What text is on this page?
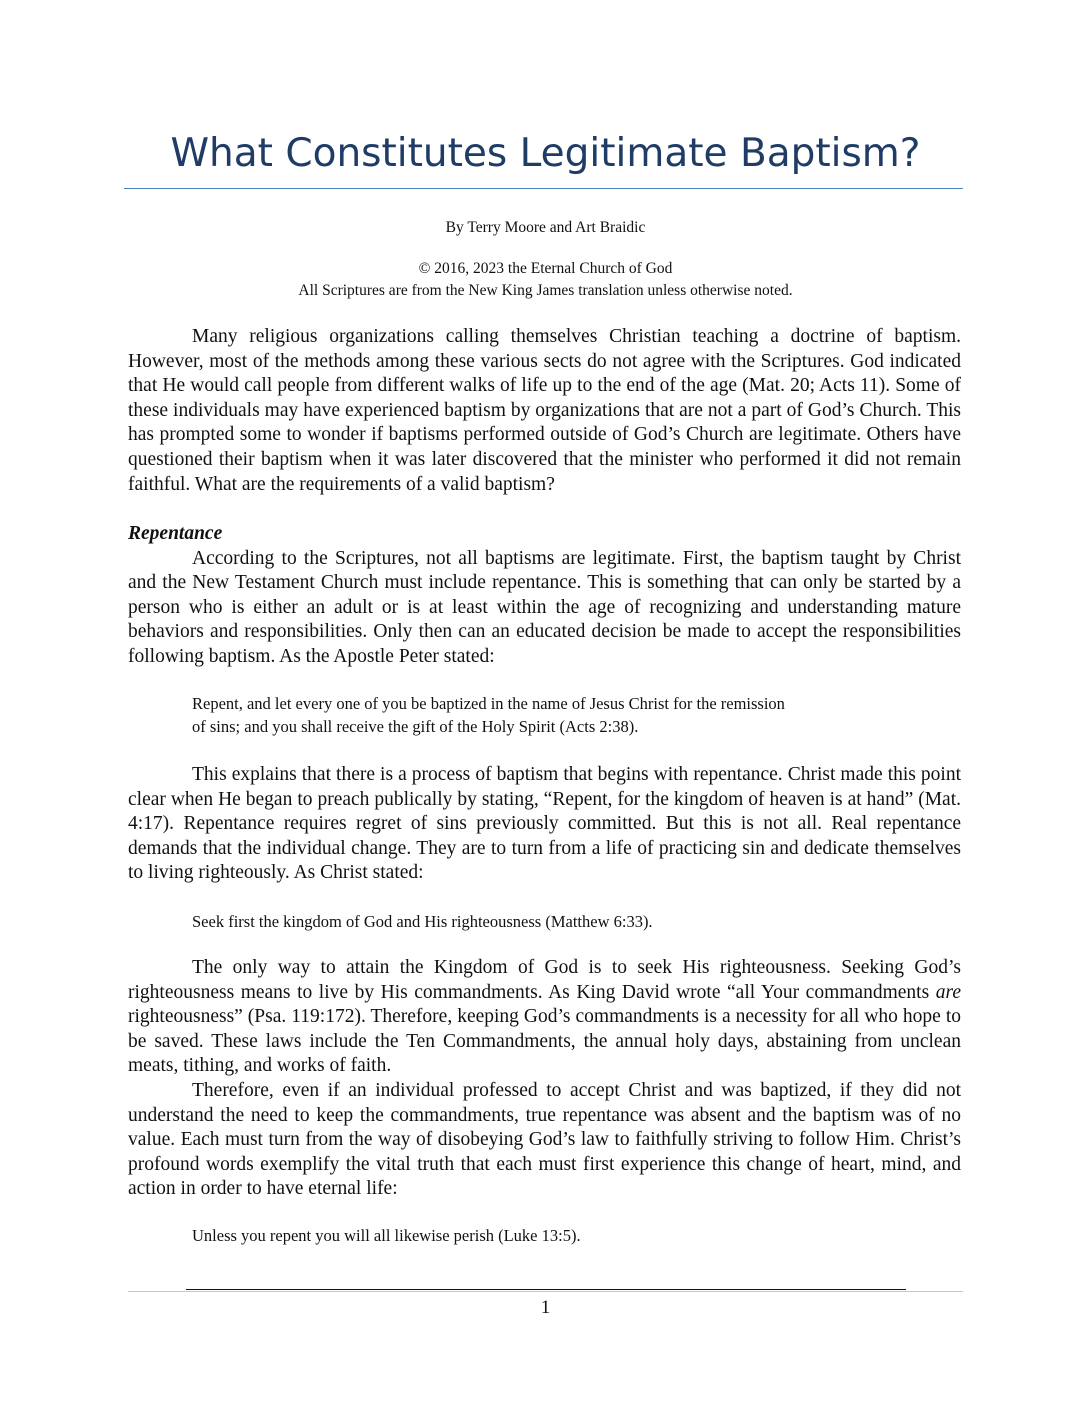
What Constitutes Legitimate Baptism?

By Terry Moore and Art Braidic

© 2016, 2023 the Eternal Church of God

All Scriptures are from the New King James translation unless otherwise noted.

Many religious organizations calling themselves Christian teaching a doctrine of baptism. However, most of the methods among these various sects do not agree with the Scriptures. God indicated that He would call people from different walks of life up to the end of the age (Mat. 20; Acts 11). Some of these individuals may have experienced baptism by organizations that are not a part of God’s Church. This has prompted some to wonder if baptisms performed outside of God’s Church are legitimate. Others have questioned their baptism when it was later discovered that the minister who performed it did not remain faithful. What are the requirements of a valid baptism?

Repentance

According to the Scriptures, not all baptisms are legitimate. First, the baptism taught by Christ and the New Testament Church must include repentance. This is something that can only be started by a person who is either an adult or is at least within the age of recognizing and understanding mature behaviors and responsibilities. Only then can an educated decision be made to accept the responsibilities following baptism. As the Apostle Peter stated:

Repent, and let every one of you be baptized in the name of Jesus Christ for the remission
of sins; and you shall receive the gift of the Holy Spirit (Acts 2:38).

This explains that there is a process of baptism that begins with repentance. Christ made this point clear when He began to preach publically by stating, “Repent, for the kingdom of heaven is at hand” (Mat. 4:17). Repentance requires regret of sins previously committed. But this is not all. Real repentance demands that the individual change. They are to turn from a life of practicing sin and dedicate themselves to living righteously. As Christ stated:

Seek first the kingdom of God and His righteousness (Matthew 6:33).

The only way to attain the Kingdom of God is to seek His righteousness. Seeking God’s righteousness means to live by His commandments. As King David wrote “all Your commandments are righteousness” (Psa. 119:172). Therefore, keeping God’s commandments is a necessity for all who hope to be saved. These laws include the Ten Commandments, the annual holy days, abstaining from unclean meats, tithing, and works of faith.

Therefore, even if an individual professed to accept Christ and was baptized, if they did not understand the need to keep the commandments, true repentance was absent and the baptism was of no value. Each must turn from the way of disobeying God’s law to faithfully striving to follow Him. Christ’s profound words exemplify the vital truth that each must first experience this change of heart, mind, and action in order to have eternal life:

Unless you repent you will all likewise perish (Luke 13:5).

1
